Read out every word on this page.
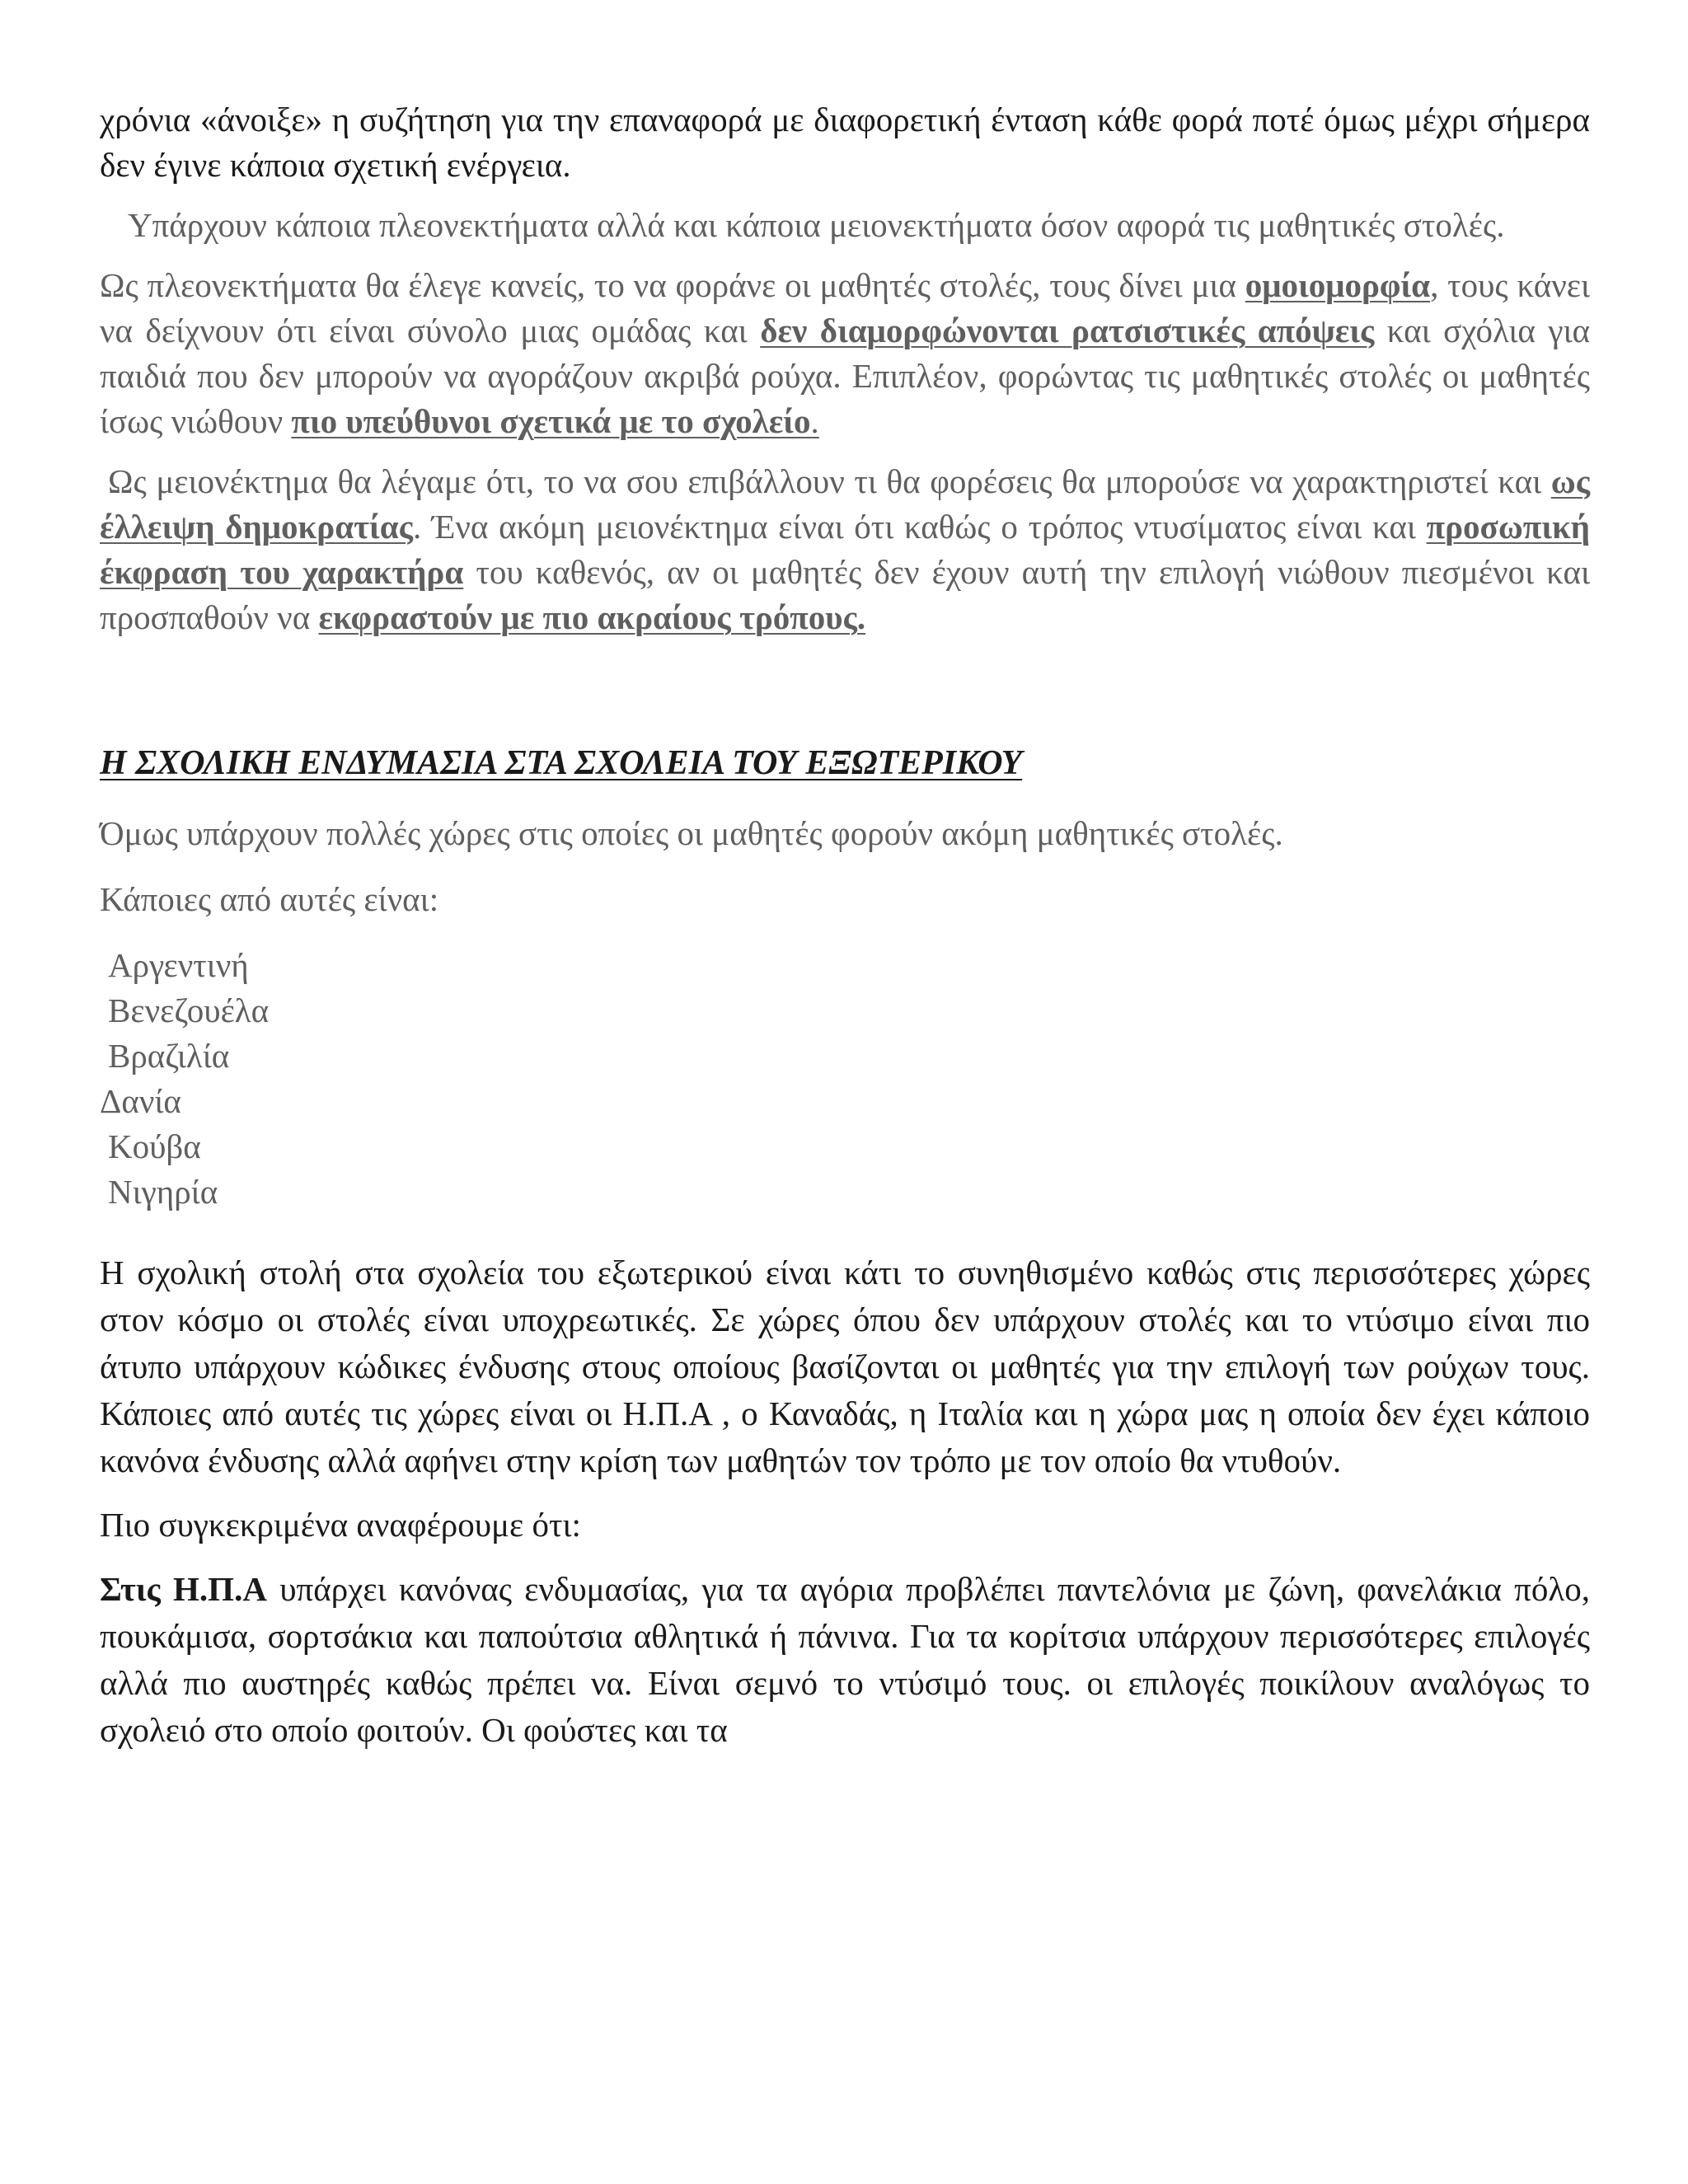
χρόνια «άνοιξε» η συζήτηση για την επαναφορά με διαφορετική ένταση κάθε φορά ποτέ όμως μέχρι σήμερα δεν έγινε κάποια σχετική ενέργεια.

Υπάρχουν κάποια πλεονεκτήματα αλλά και κάποια μειονεκτήματα όσον αφορά τις μαθητικές στολές.

Ως πλεονεκτήματα θα έλεγε κανείς, το να φοράνε οι μαθητές στολές, τους δίνει μια ομοιομορφία, τους κάνει να δείχνουν ότι είναι σύνολο μιας ομάδας και δεν διαμορφώνονται ρατσιστικές απόψεις και σχόλια για παιδιά που δεν μπορούν να αγοράζουν ακριβά ρούχα. Επιπλέον, φορώντας τις μαθητικές στολές οι μαθητές ίσως νιώθουν πιο υπεύθυνοι σχετικά με το σχολείο.

Ως μειονέκτημα θα λέγαμε ότι, το να σου επιβάλλουν τι θα φορέσεις θα μπορούσε να χαρακτηριστεί και ως έλλειψη δημοκρατίας. Ένα ακόμη μειονέκτημα είναι ότι καθώς ο τρόπος ντυσίματος είναι και προσωπική έκφραση του χαρακτήρα του καθενός, αν οι μαθητές δεν έχουν αυτή την επιλογή νιώθουν πιεσμένοι και προσπαθούν να εκφραστούν με πιο ακραίους τρόπους.

Η ΣΧΟΛΙΚΗ ΕΝΔΥΜΑΣΙΑ ΣΤΑ ΣΧΟΛΕΙΑ ΤΟΥ ΕΞΩΤΕΡΙΚΟΥ

Όμως υπάρχουν πολλές χώρες στις οποίες οι μαθητές φορούν ακόμη μαθητικές στολές.

Κάποιες από αυτές είναι:

Αργεντινή
Βενεζουέλα
Βραζιλία
Δανία
Κούβα
Νιγηρία

Η σχολική στολή στα σχολεία του εξωτερικού είναι κάτι το συνηθισμένο καθώς στις περισσότερες χώρες στον κόσμο οι στολές είναι υποχρεωτικές. Σε χώρες όπου δεν υπάρχουν στολές και το ντύσιμο είναι πιο άτυπο υπάρχουν κώδικες ένδυσης στους οποίους βασίζονται οι μαθητές για την επιλογή των ρούχων τους. Κάποιες από αυτές τις χώρες είναι οι Η.Π.Α , ο Καναδάς, η Ιταλία και η χώρα μας η οποία δεν έχει κάποιο κανόνα ένδυσης αλλά αφήνει στην κρίση των μαθητών τον τρόπο με τον οποίο θα ντυθούν.

Πιο συγκεκριμένα αναφέρουμε ότι:

Στις Η.Π.Α υπάρχει κανόνας ενδυμασίας, για τα αγόρια προβλέπει παντελόνια με ζώνη, φανελάκια πόλο, πουκάμισα, σορτσάκια και παπούτσια αθλητικά ή πάνινα. Για τα κορίτσια υπάρχουν περισσότερες επιλογές αλλά πιο αυστηρές καθώς πρέπει να. Είναι σεμνό το ντύσιμό τους. οι επιλογές ποικίλουν αναλόγως το σχολειό στο οποίο φοιτούν. Οι φούστες και τα
